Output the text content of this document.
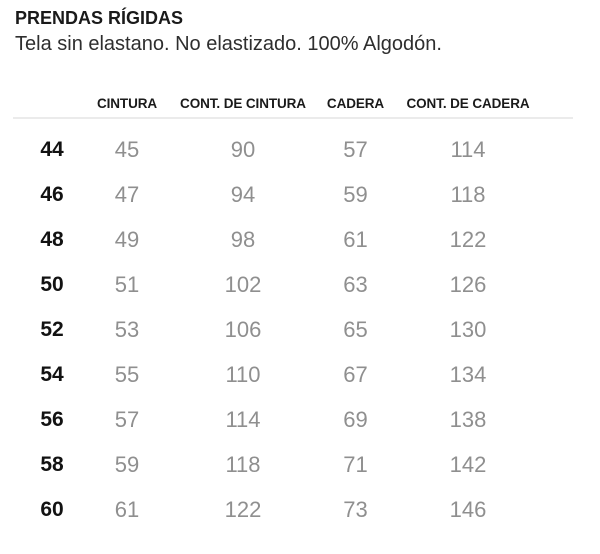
PRENDAS RÍGIDAS

Tela sin elastano. No elastizado. 100% Algodón.

	CINTURA	CONT. DE CINTURA	CADERA	CONT. DE CADERA	
44	45	90	57	114	
46	47	94	59	118	
48	49	98	61	122	
50	51	102	63	126	
52	53	106	65	130	
54	55	110	67	134	
56	57	114	69	138	
58	59	118	71	142	
60	61	122	73	146	
